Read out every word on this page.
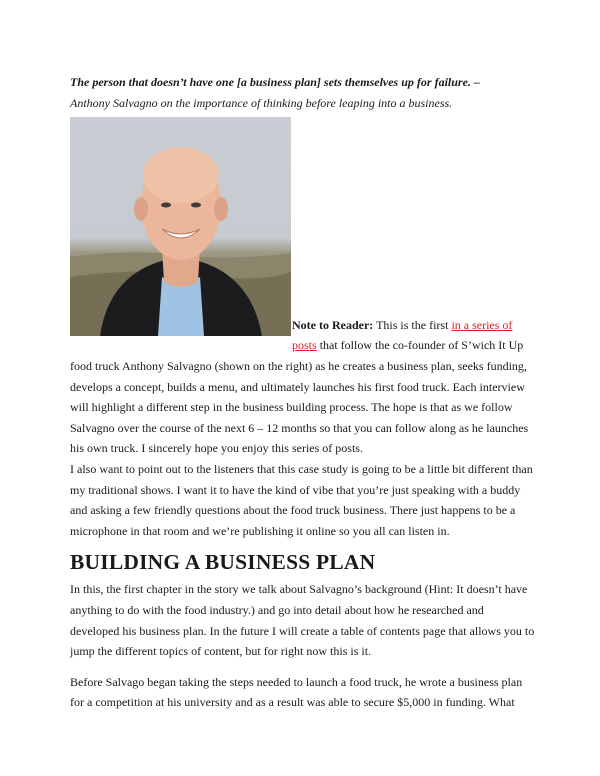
The person that doesn’t have one [a business plan] sets themselves up for failure. –
Anthony Salvagno on the importance of thinking before leaping into a business.

Note to Reader: This is the first in a series of posts that follow the co-founder of S’wich It Up food truck Anthony Salvagno (shown on the right) as he creates a business plan, seeks funding, develops a concept, builds a menu, and ultimately launches his first food truck. Each interview will highlight a different step in the business building process. The hope is that as we follow Salvagno over the course of the next 6 – 12 months so that you can follow along as he launches his own truck. I sincerely hope you enjoy this series of posts.

I also want to point out to the listeners that this case study is going to be a little bit different than my traditional shows. I want it to have the kind of vibe that you’re just speaking with a buddy and asking a few friendly questions about the food truck business. There just happens to be a microphone in that room and we’re publishing it online so you all can listen in.

BUILDING A BUSINESS PLAN

In this, the first chapter in the story we talk about Salvagno’s background (Hint: It doesn’t have anything to do with the food industry.) and go into detail about how he researched and developed his business plan. In the future I will create a table of contents page that allows you to jump the different topics of content, but for right now this is it.

Before Salvago began taking the steps needed to launch a food truck, he wrote a business plan for a competition at his university and as a result was able to secure $5,000 in funding. What
